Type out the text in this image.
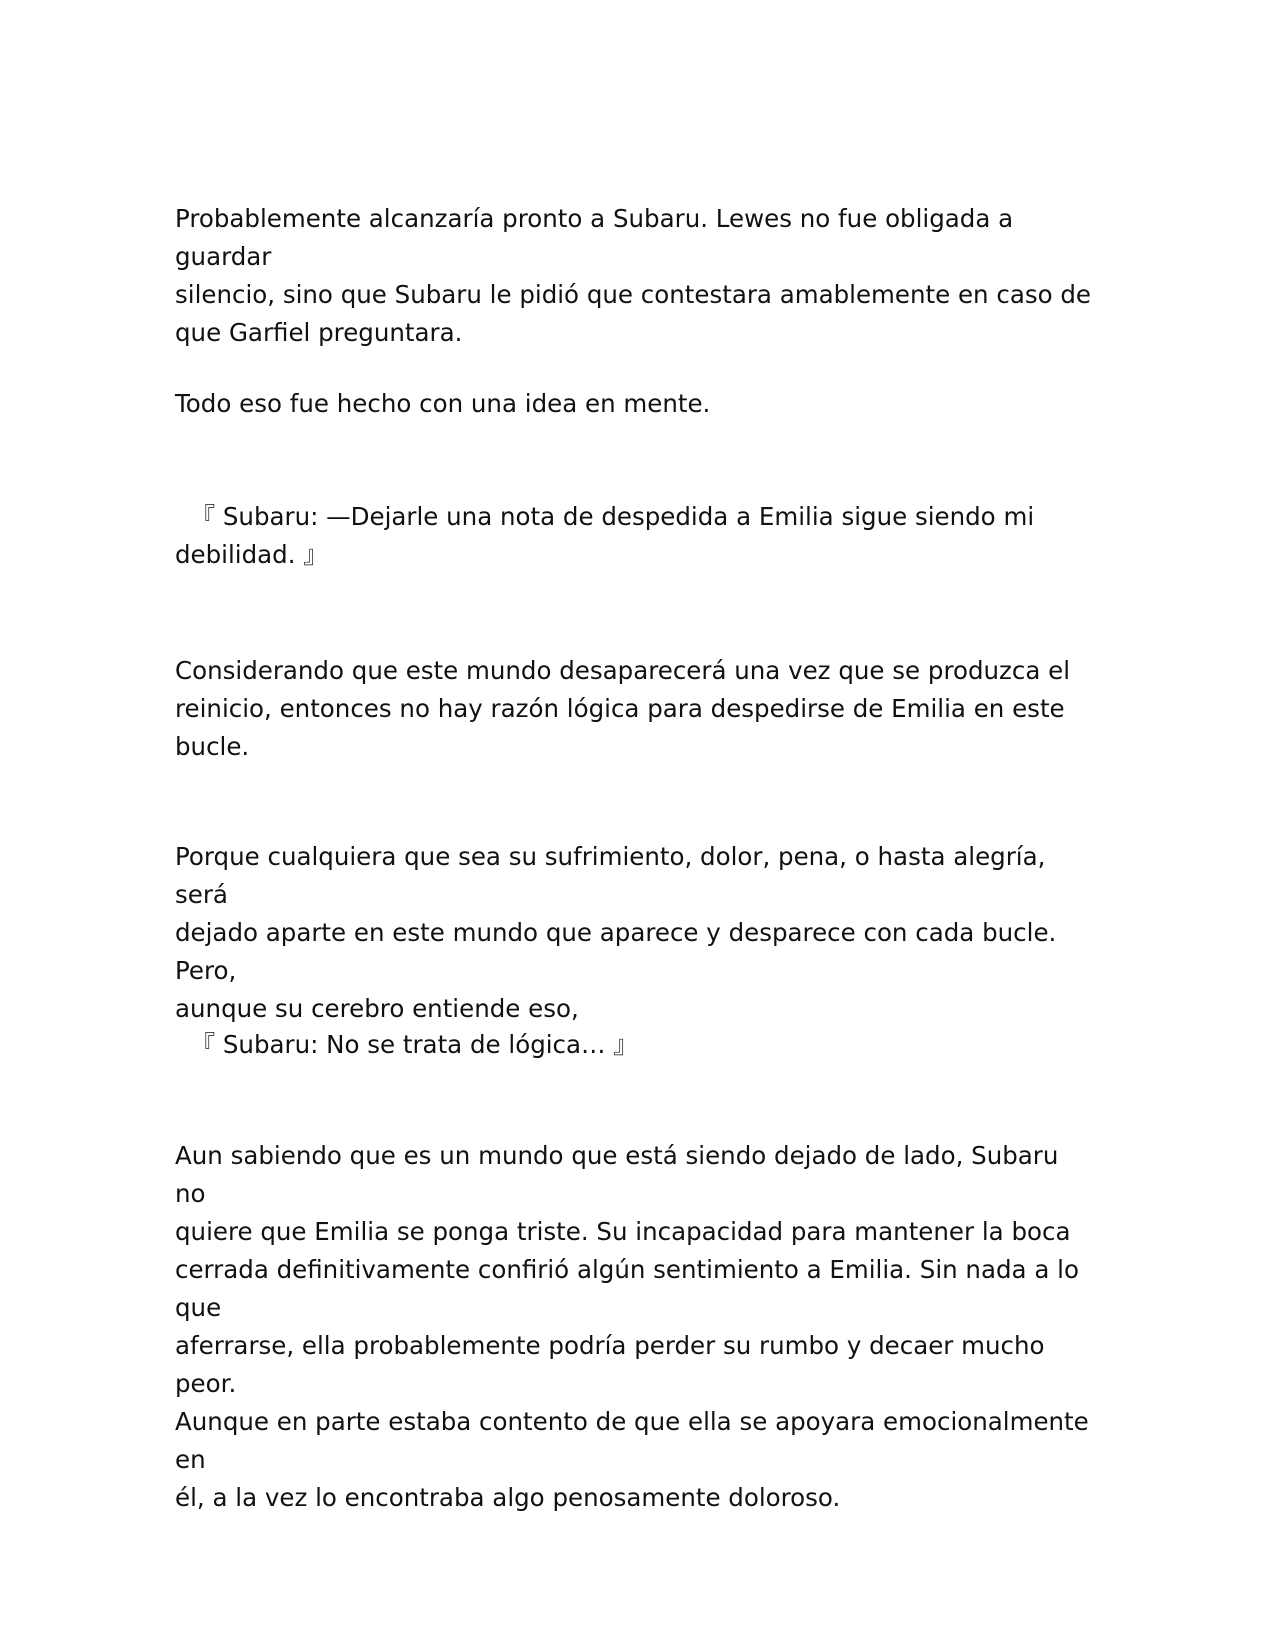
Probablemente alcanzaría pronto a Subaru. Lewes no fue obligada a guardar
silencio, sino que Subaru le pidió que contestara amablemente en caso de
que Garfiel preguntara.
Todo eso fue hecho con una idea en mente.
『 Subaru: —Dejarle una nota de despedida a Emilia sigue siendo mi
debilidad. 』
Considerando que este mundo desaparecerá una vez que se produzca el
reinicio, entonces no hay razón lógica para despedirse de Emilia en este
bucle.
Porque cualquiera que sea su sufrimiento, dolor, pena, o hasta alegría, será
dejado aparte en este mundo que aparece y desparece con cada bucle. Pero,
aunque su cerebro entiende eso,
『 Subaru: No se trata de lógica… 』
Aun sabiendo que es un mundo que está siendo dejado de lado, Subaru no
quiere que Emilia se ponga triste. Su incapacidad para mantener la boca
cerrada definitivamente confirió algún sentimiento a Emilia. Sin nada a lo que
aferrarse, ella probablemente podría perder su rumbo y decaer mucho peor.
Aunque en parte estaba contento de que ella se apoyara emocionalmente en
él, a la vez lo encontraba algo penosamente doloroso.
